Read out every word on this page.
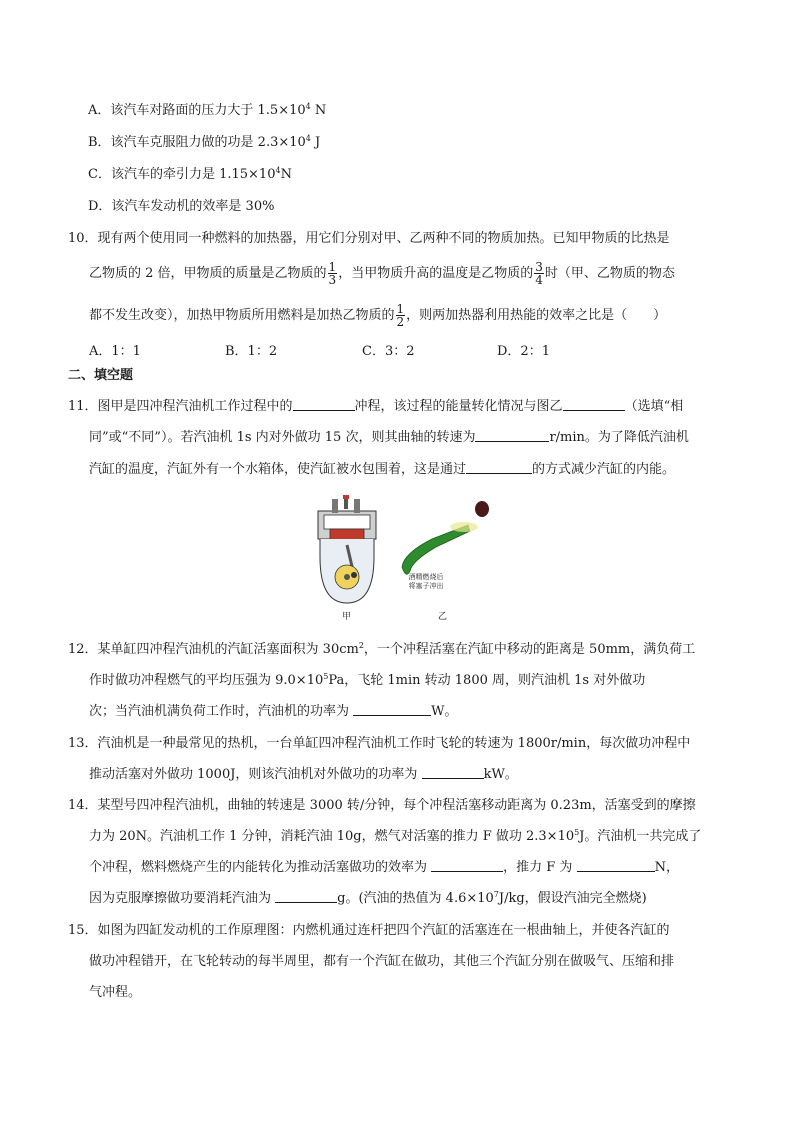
A．该汽车对路面的压力大于 $1.5\times 10^4$ N
B．该汽车克服阻力做的功是 $2.3\times 10^4$ J
C．该汽车的牵引力是 $1.15\times 10^4N$
D．该汽车发动机的效率是 30%
10．现有两个使用同一种燃料的加热器，用它们分别对甲、乙两种不同的物质加热。已知甲物质的比热是
乙物质的 2 倍，甲物质的质量是乙物质的 $\frac{1}{3}$ ，当甲物质升高的温度是乙物质的 $\frac{3}{4}$ 时（甲、乙物质的物态
都不发生改变），加热甲物质所用燃料是加热乙物质的 $\frac{1}{2}$ ，则两加热器利用热能的效率之比是（　　）
A．1：1	B．1：2	C．3：2	D．2：1
二、填空题
11．图甲是四冲程汽油机工作过程中的	冲程，该过程的能量转化情况与图乙	（选填“相
同”或“不同”）。若汽油机 1s 内对外做功 15 次，则其曲轴的转速为	r/min。为了降低汽油机
汽缸的温度，汽缸外有一个水箱体，使汽缸被水包围着，这是通过	的方式减少汽缸的内能。
酒精燃烧后
将塞子冲出
甲	乙
12．某单缸四冲程汽油机的汽缸活塞面积为 $30cm^2$，一个冲程活塞在汽缸中移动的距离是 50mm，满负荷工
作时做功冲程燃气的平均压强为 $9.0\times 10^5Pa$，飞轮 1min 转动 1800 周，则汽油机 1s 对外做功
次；当汽油机满负荷工作时，汽油机的功率为	W。
13．汽油机是一种最常见的热机，一台单缸四冲程汽油机工作时飞轮的转速为 1800r/min，每次做功冲程中
推动活塞对外做功 1000J，则该汽油机对外做功的功率为	kW。
14．某型号四冲程汽油机，曲轴的转速是 3000 转/分钟，每个冲程活塞移动距离为 0.23m，活塞受到的摩擦
力为 20N。汽油机工作 1 分钟，消耗汽油 10g，燃气对活塞的推力 F 做功 $2.3\times 10^5J$。汽油机一共完成了
个冲程，燃料燃烧产生的内能转化为推动活塞做功的效率为	，推力 F 为	N，
因为克服摩擦做功要消耗汽油为	g。(汽油的热值为 $4.6\times 10^7J/kg$，假设汽油完全燃烧)
15．如图为四缸发动机的工作原理图：内燃机通过连杆把四个汽缸的活塞连在一根曲轴上，并使各汽缸的
做功冲程错开，在飞轮转动的每半周里，都有一个汽缸在做功，其他三个汽缸分别在做吸气、压缩和排
气冲程。
